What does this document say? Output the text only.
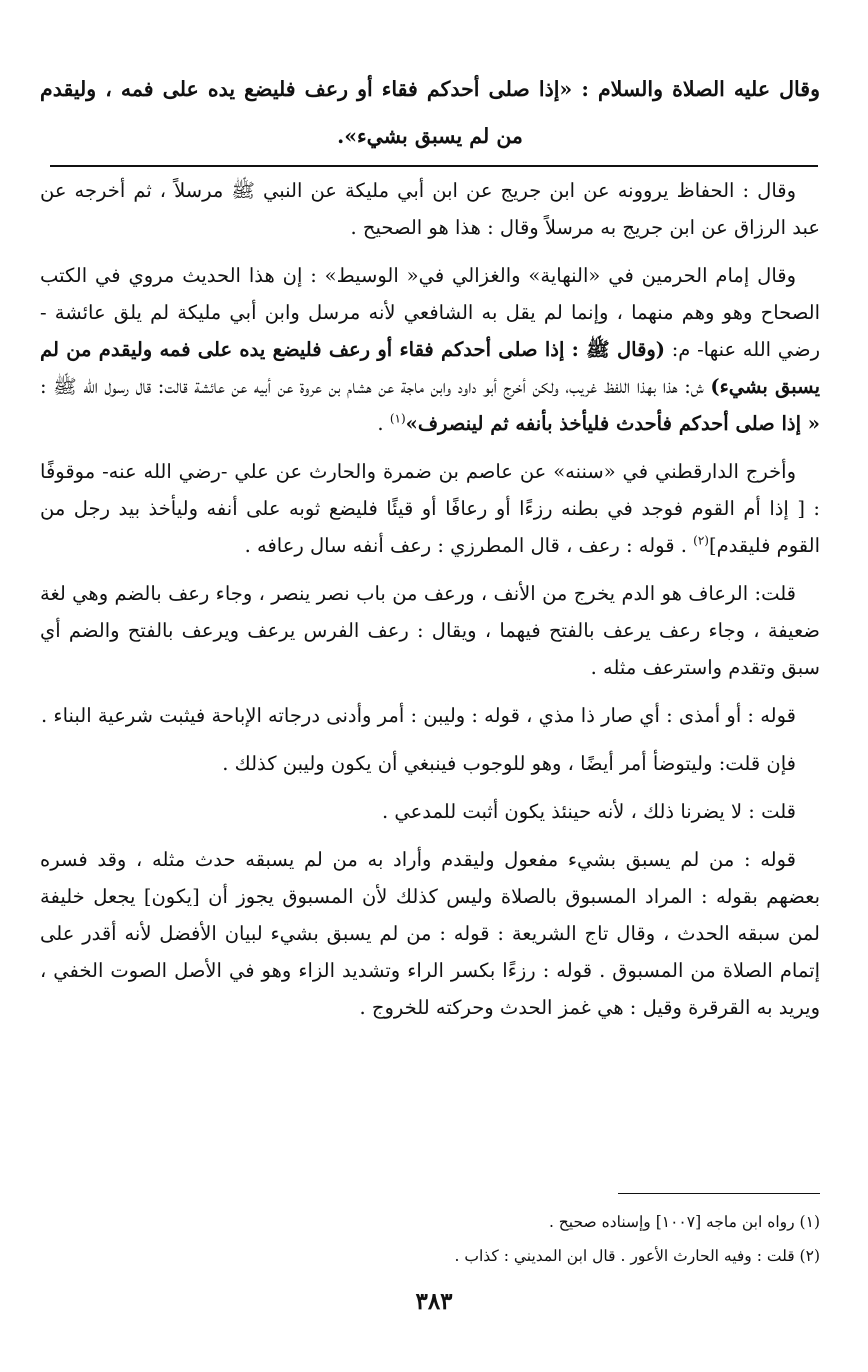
وقال عليه الصلاة والسلام : «إذا صلى أحدكم فقاء أو رعف فليضع يده على فمه ، وليقدم من لم يسبق بشيء».

وقال : الحفاظ يروونه عن ابن جريج عن ابن أبي مليكة عن النبي ﷺ مرسلاً ، ثم أخرجه عن عبد الرزاق عن ابن جريج به مرسلاً وقال : هذا هو الصحيح .

وقال إمام الحرمين في «النهاية» والغزالي في« الوسيط» : إن هذا الحديث مروي في الكتب الصحاح وهو وهم منهما ، وإنما لم يقل به الشافعي لأنه مرسل وابن أبي مليكة لم يلق عائشة - رضي الله عنها- م: (وقال ﷺ : إذا صلى أحدكم فقاء أو رعف فليضع يده على فمه وليقدم من لم يسبق بشيء) ش: هذا بهذا اللفظ غريب، ولكن أخرج أبو داود وابن ماجة عن هشام بن عروة عن أبيه عن عائشة قالت: قال رسول الله ﷺ : « إذا صلى أحدكم فأحدث فليأخذ بأنفه ثم لينصرف»$^{(١)}$ .

وأخرج الدارقطني في «سننه» عن عاصم بن ضمرة والحارث عن علي -رضي الله عنه- موقوفًا : [ إذا أم القوم فوجد في بطنه رزءًا أو رعافًا أو قيئًا فليضع ثوبه على أنفه وليأخذ بيد رجل من القوم فليقدم]$^{(٢)}$ . قوله : رعف ، قال المطرزي : رعف أنفه سال رعافه .

قلت: الرعاف هو الدم يخرج من الأنف ، ورعف من باب نصر ينصر ، وجاء رعف بالضم وهي لغة ضعيفة ، وجاء رعف يرعف بالفتح فيهما ، ويقال : رعف الفرس يرعف ويرعف بالفتح والضم أي سبق وتقدم واسترعف مثله .

قوله : أو أمذى : أي صار ذا مذي ، قوله : وليبن : أمر وأدنى درجاته الإباحة فيثبت شرعية البناء .

فإن قلت: وليتوضأ أمر أيضًا ، وهو للوجوب فينبغي أن يكون وليبن كذلك .

قلت : لا يضرنا ذلك ، لأنه حينئذ يكون أثبت للمدعي .

قوله : من لم يسبق بشيء مفعول وليقدم وأراد به من لم يسبقه حدث مثله ، وقد فسره بعضهم بقوله : المراد المسبوق بالصلاة وليس كذلك لأن المسبوق يجوز أن [يكون] يجعل خليفة لمن سبقه الحدث ، وقال تاج الشريعة : قوله : من لم يسبق بشيء لبيان الأفضل لأنه أقدر على إتمام الصلاة من المسبوق . قوله : رزءًا بكسر الراء وتشديد الزاء وهو في الأصل الصوت الخفي ، ويريد به القرقرة وقيل : هي غمز الحدث وحركته للخروج .

(١) رواه ابن ماجه [١٠٠٧] وإسناده صحيح .
(٢) قلت : وفيه الحارث الأعور . قال ابن المديني : كذاب .
٣٨٣
